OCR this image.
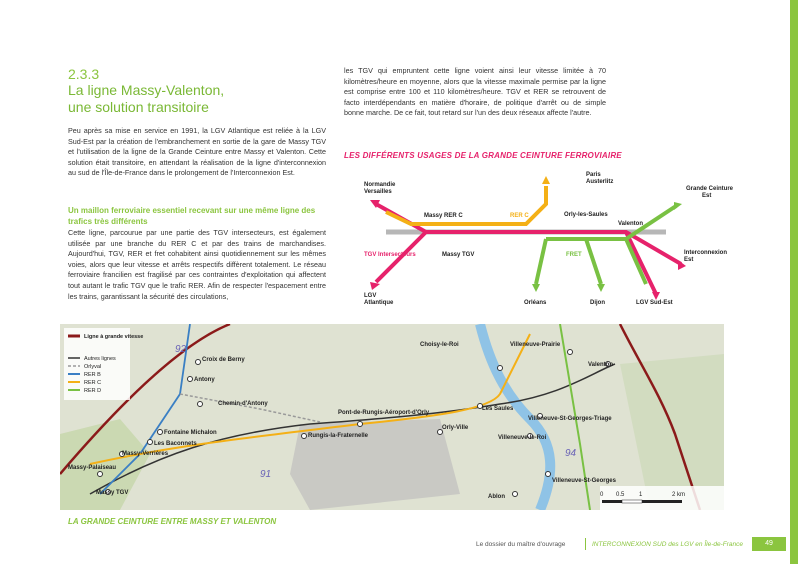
2.3.3
La ligne Massy-Valenton,
une solution transitoire

Peu après sa mise en service en 1991, la LGV Atlantique est reliée à la LGV Sud-Est par la création de l'embranchement en sortie de la gare de Massy TGV et l'utilisation de la ligne de la Grande Ceinture entre Massy et Valenton. Cette solution était transitoire, en attendant la réalisation de la ligne d'interconnexion au sud de l'Île-de-France dans le prolongement de l'Interconnexion Est.

Un maillon ferroviaire essentiel recevant sur une même ligne des trafics très différents

Cette ligne, parcourue par une partie des TGV intersecteurs, est également utilisée par une branche du RER C et par des trains de marchandises. Aujourd'hui, TGV, RER et fret cohabitent ainsi quotidiennement sur les mêmes voies, alors que leur vitesse et arrêts respectifs diffèrent totalement. Le réseau ferroviaire francilien est fragilisé par ces contraintes d'exploitation qui affectent tout autant le trafic TGV que le trafic RER. Afin de respecter l'espacement entre les trains, garantissant la sécurité des circulations,

les TGV qui empruntent cette ligne voient ainsi leur vitesse limitée à 70 kilomètres/heure en moyenne, alors que la vitesse maximale permise par la ligne est comprise entre 100 et 110 kilomètres/heure. TGV et RER se retrouvent de facto interdépendants en matière d'horaire, de politique d'arrêt ou de simple bonne marche. De ce fait, tout retard sur l'un des deux réseaux affecte l'autre.

LES DIFFÉRENTS USAGES DE LA GRANDE CEINTURE FERROVIAIRE
Normandie
Versailles
Paris
Austerlitz
Grande Ceinture
Est
Massy RER C	Orly-les-Saules
Valenton
Massy TGV	Interconnexion
Est
LGV
Atlantique	Orléans	Dijon	LGV Sud-Est
RER C
TGV Intersecteurs	FRET
92
91
94
Choisy-le-Roi	Villeneuve-Prairie
Croix de Berny
Antony
Valenton
Chemin-d'Antony
Pont-de-Rungis-Aéroport-d'Orly
Les Saules
Villeneuve-St-Georges-Triage
Fontaine Michalon
Les Baconnets
Orly-Ville
Rungis-la-Fraternelle
Massy-Verrières
Villeneuve-le-Roi
Massy-Palaiseau
Massy TGV
Villeneuve-St-Georges
Ablon
Ligne à grande vitesse
Autres lignes
Orlyval
RER B
RER C
RER D
0 0.5 1	2 km
LA GRANDE CEINTURE ENTRE MASSY ET VALENTON
Le dossier du maître d'ouvrage	INTERCONNEXION SUD des LGV en Île-de-France	49
